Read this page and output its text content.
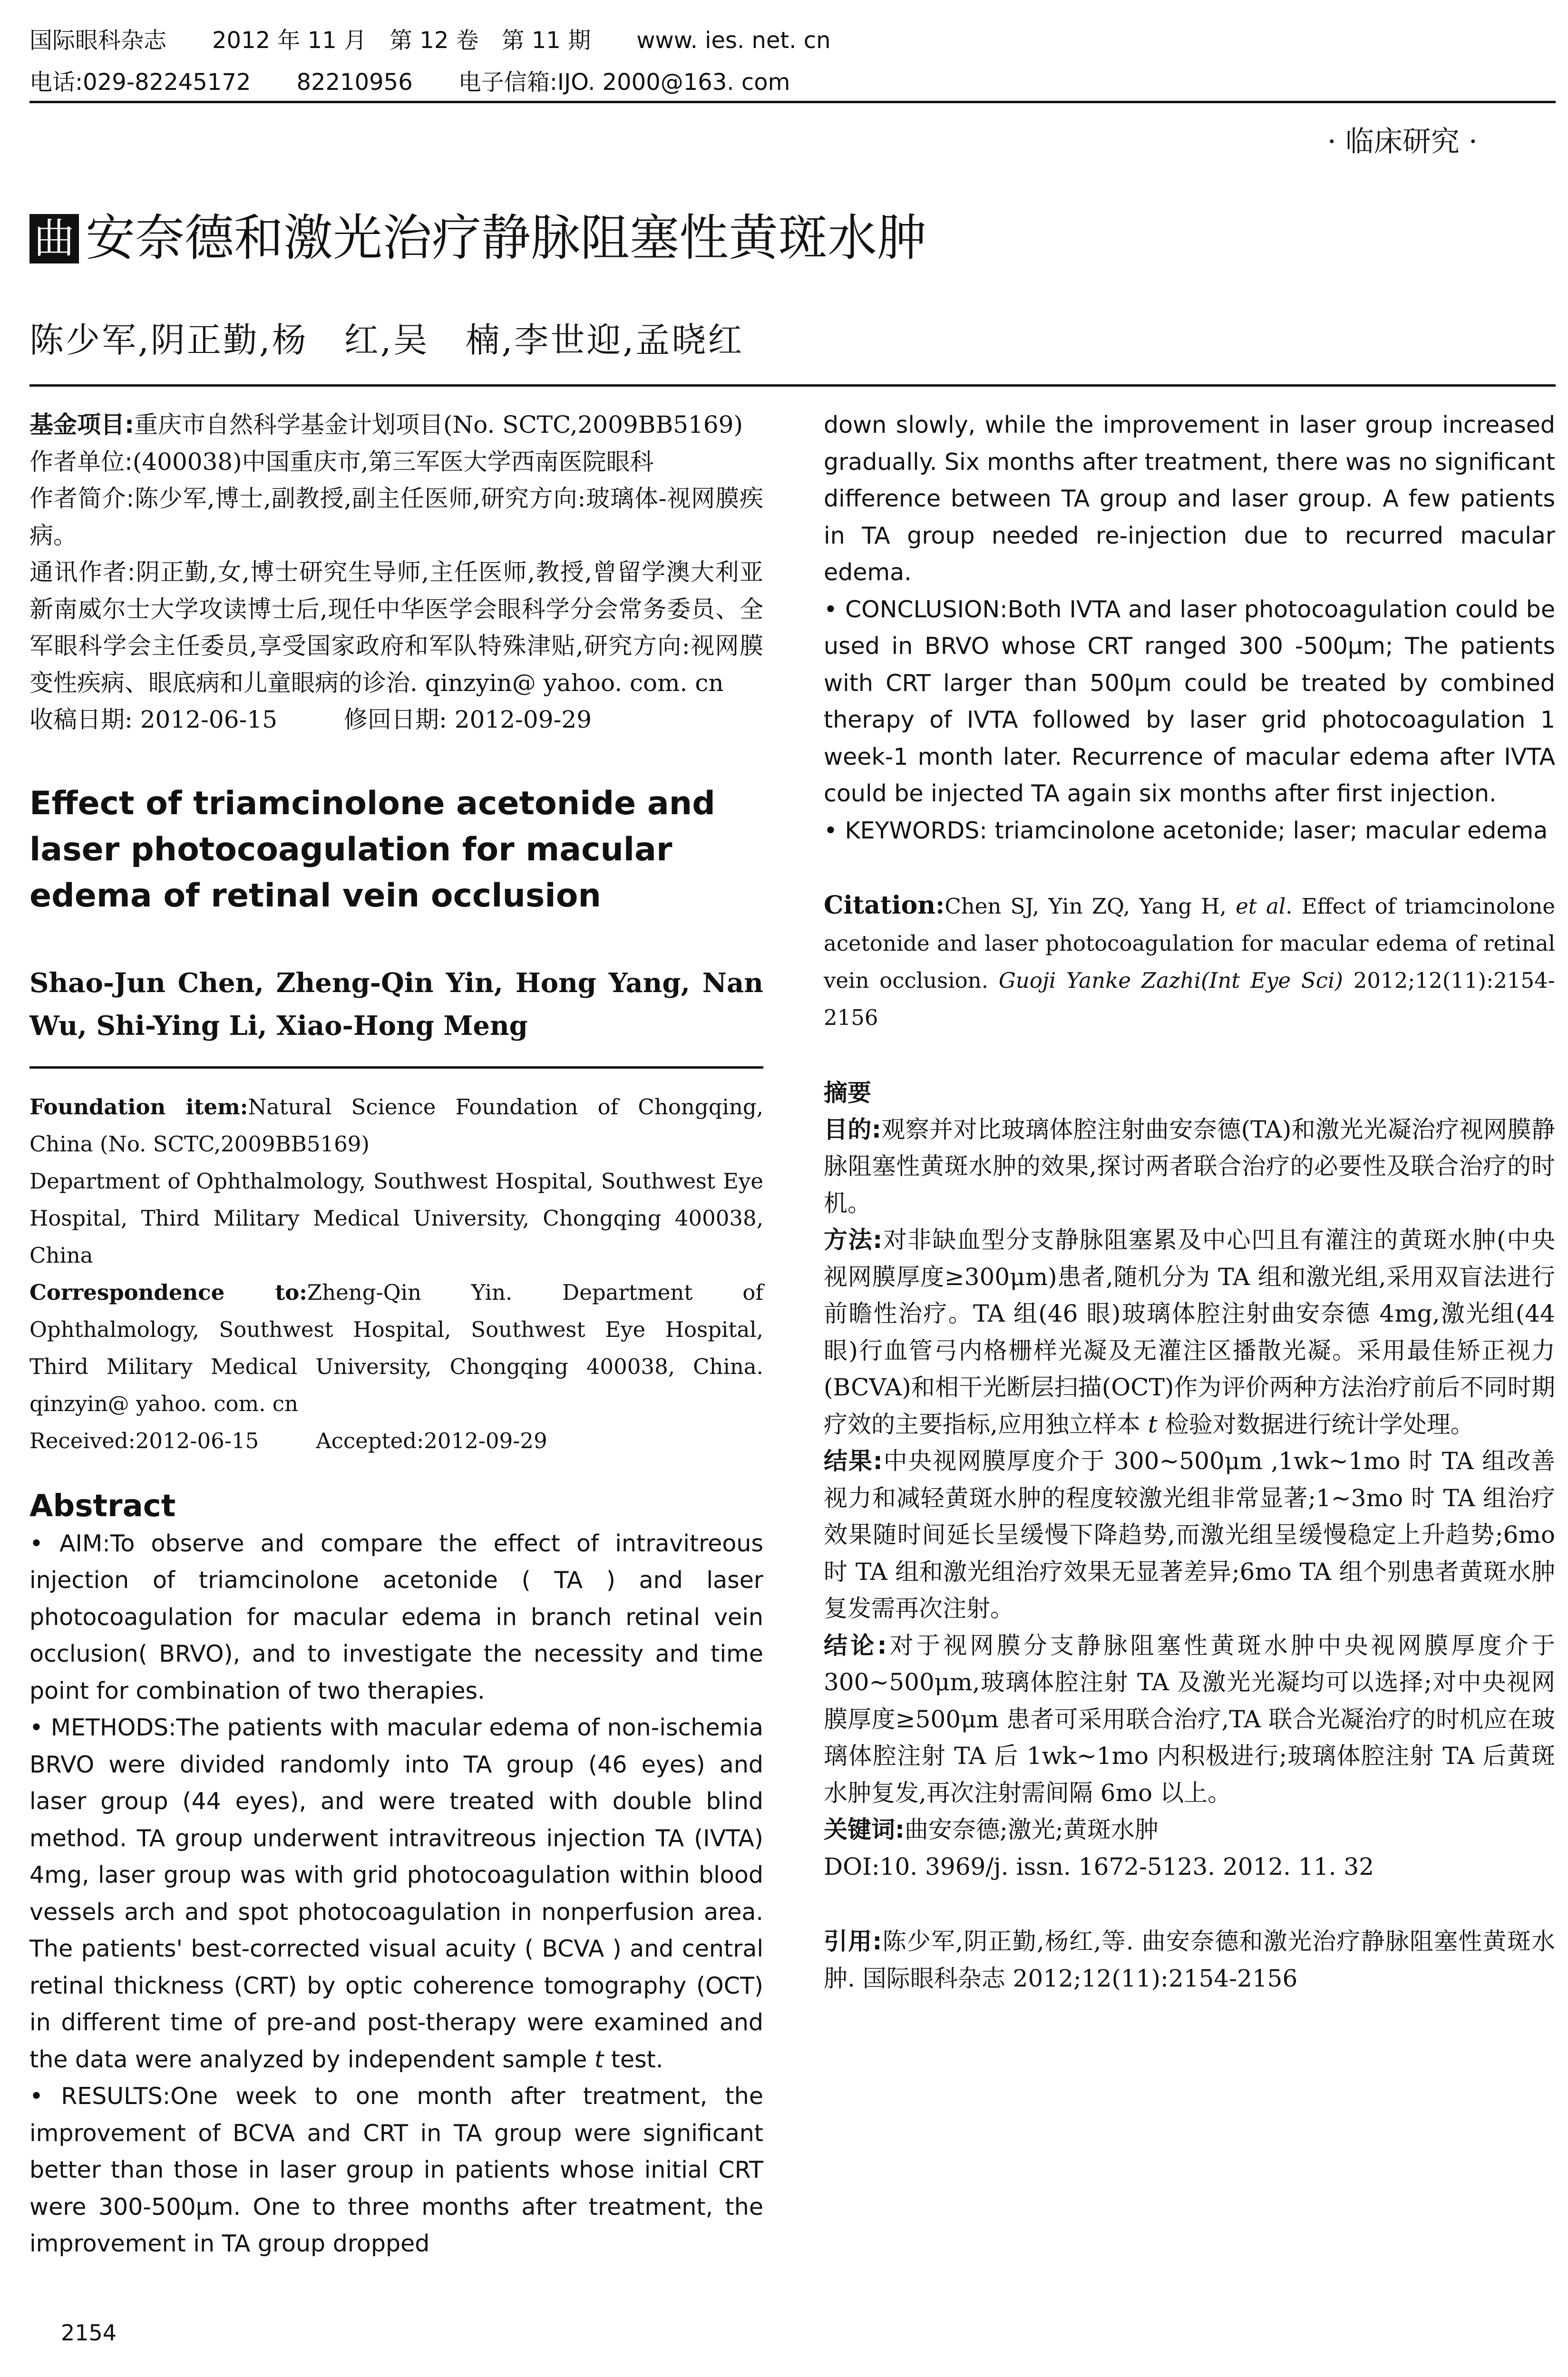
国际眼科杂志 2012 年 11 月　第 12 卷　第 11 期 www. ies. net. cn
电话:029-82245172 82210956 电子信箱:IJO. 2000@163. com
· 临床研究 ·
曲 安奈德和激光治疗静脉阻塞性黄斑水肿
陈少军,阴正勤,杨　红,吴　楠,李世迎,孟晓红

基金项目:重庆市自然科学基金计划项目(No. SCTC,2009BB5169)

作者单位:(400038)中国重庆市,第三军医大学西南医院眼科

作者简介:陈少军,博士,副教授,副主任医师,研究方向:玻璃体-视网膜疾病。

通讯作者:阴正勤,女,博士研究生导师,主任医师,教授,曾留学澳大利亚新南威尔士大学攻读博士后,现任中华医学会眼科学分会常务委员、全军眼科学会主任委员,享受国家政府和军队特殊津贴,研究方向:视网膜变性疾病、眼底病和儿童眼病的诊治. qinzyin@ yahoo. com. cn

收稿日期: 2012-06-15	修回日期: 2012-09-29

Effect of triamcinolone acetonide and laser photocoagulation for macular edema of retinal vein occlusion

Shao-Jun Chen, Zheng-Qin Yin, Hong Yang, Nan Wu, Shi-Ying Li, Xiao-Hong Meng

Foundation item:Natural Science Foundation of Chongqing, China (No. SCTC,2009BB5169)

Department of Ophthalmology, Southwest Hospital, Southwest Eye Hospital, Third Military Medical University, Chongqing 400038, China

Correspondence to:Zheng-Qin Yin. Department of Ophthalmology, Southwest Hospital, Southwest Eye Hospital, Third Military Medical University, Chongqing 400038, China. qinzyin@ yahoo. com. cn

Received:2012-06-15	Accepted:2012-09-29

Abstract

• AIM:To observe and compare the effect of intravitreous injection of triamcinolone acetonide ( TA ) and laser photocoagulation for macular edema in branch retinal vein occlusion( BRVO), and to investigate the necessity and time point for combination of two therapies.

• METHODS:The patients with macular edema of non-ischemia BRVO were divided randomly into TA group (46 eyes) and laser group (44 eyes), and were treated with double blind method. TA group underwent intravitreous injection TA (IVTA) 4mg, laser group was with grid photocoagulation within blood vessels arch and spot photocoagulation in nonperfusion area. The patients' best-corrected visual acuity ( BCVA ) and central retinal thickness (CRT) by optic coherence tomography (OCT) in different time of pre-and post-therapy were examined and the data were analyzed by independent sample t test.

• RESULTS:One week to one month after treatment, the improvement of BCVA and CRT in TA group were significant better than those in laser group in patients whose initial CRT were 300-500μm. One to three months after treatment, the improvement in TA group dropped

2154

down slowly, while the improvement in laser group increased gradually. Six months after treatment, there was no significant difference between TA group and laser group. A few patients in TA group needed re-injection due to recurred macular edema.

• CONCLUSION:Both IVTA and laser photocoagulation could be used in BRVO whose CRT ranged 300 -500μm; The patients with CRT larger than 500μm could be treated by combined therapy of IVTA followed by laser grid photocoagulation 1 week-1 month later. Recurrence of macular edema after IVTA could be injected TA again six months after first injection.

• KEYWORDS: triamcinolone acetonide; laser; macular edema

Citation:Chen SJ, Yin ZQ, Yang H, et al. Effect of triamcinolone acetonide and laser photocoagulation for macular edema of retinal vein occlusion. Guoji Yanke Zazhi(Int Eye Sci) 2012;12(11):2154-2156

摘要

目的:观察并对比玻璃体腔注射曲安奈德(TA)和激光光凝治疗视网膜静脉阻塞性黄斑水肿的效果,探讨两者联合治疗的必要性及联合治疗的时机。

方法:对非缺血型分支静脉阻塞累及中心凹且有灌注的黄斑水肿(中央视网膜厚度≥300μm)患者,随机分为 TA 组和激光组,采用双盲法进行前瞻性治疗。TA 组(46 眼)玻璃体腔注射曲安奈德 4mg,激光组(44 眼)行血管弓内格栅样光凝及无灌注区播散光凝。采用最佳矫正视力(BCVA)和相干光断层扫描(OCT)作为评价两种方法治疗前后不同时期疗效的主要指标,应用独立样本 t 检验对数据进行统计学处理。

结果:中央视网膜厚度介于 300~500μm ,1wk~1mo 时 TA 组改善视力和减轻黄斑水肿的程度较激光组非常显著;1~3mo 时 TA 组治疗效果随时间延长呈缓慢下降趋势,而激光组呈缓慢稳定上升趋势;6mo 时 TA 组和激光组治疗效果无显著差异;6mo TA 组个别患者黄斑水肿复发需再次注射。

结论:对于视网膜分支静脉阻塞性黄斑水肿中央视网膜厚度介于 300~500μm,玻璃体腔注射 TA 及激光光凝均可以选择;对中央视网膜厚度≥500μm 患者可采用联合治疗,TA 联合光凝治疗的时机应在玻璃体腔注射 TA 后 1wk~1mo 内积极进行;玻璃体腔注射 TA 后黄斑水肿复发,再次注射需间隔 6mo 以上。

关键词:曲安奈德;激光;黄斑水肿

DOI:10. 3969/j. issn. 1672-5123. 2012. 11. 32

引用:陈少军,阴正勤,杨红,等. 曲安奈德和激光治疗静脉阻塞性黄斑水肿. 国际眼科杂志 2012;12(11):2154-2156
